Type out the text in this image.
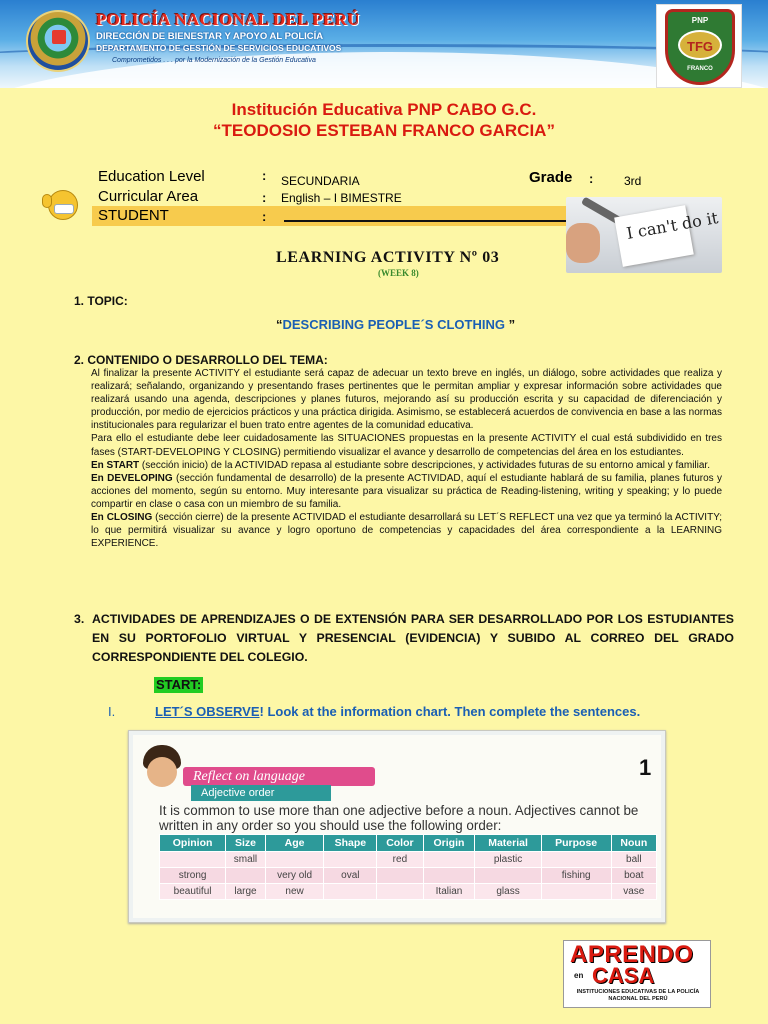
POLICÍA NACIONAL DEL PERÚ
DIRECCIÓN DE BIENESTAR Y APOYO AL POLICÍA
DEPARTAMENTO DE GESTIÓN DE SERVICIOS EDUCATIVOS
Comprometidos . . . por la Modernización de la Gestión Educativa
PNP
TFG
FRANCO
Institución Educativa PNP CABO G.C.
“TEODOSIO ESTEBAN FRANCO GARCIA”
Education Level	: SECUNDARIA	Grade :	3rd
Curricular Area	: English – I BIMESTRE
STUDENT	:	I can't do it
LEARNING ACTIVITY Nº 03
(WEEK 8)
1. TOPIC:
“DESCRIBING PEOPLE´S CLOTHING ”
2. CONTENIDO O DESARROLLO DEL TEMA:
Al finalizar la presente ACTIVITY el estudiante será capaz de adecuar un texto breve en inglés, un diálogo, sobre actividades que realiza y realizará; señalando, organizando y presentando frases pertinentes que le permitan ampliar y expresar información sobre actividades que realizará usando una agenda, descripciones y planes futuros, mejorando así su producción escrita y su capacidad de diferenciación y producción, por medio de ejercicios prácticos y una práctica dirigida. Asimismo, se establecerá acuerdos de convivencia en base a las normas institucionales para regularizar el buen trato entre agentes de la comunidad educativa.
Para ello el estudiante debe leer cuidadosamente las SITUACIONES propuestas en la presente ACTIVITY el cual está subdividido en tres fases (START-DEVELOPING Y CLOSING) permitiendo visualizar el avance y desarrollo de competencias del área en los estudiantes.
En START (sección inicio) de la ACTIVIDAD repasa al estudiante sobre descripciones, y actividades futuras de su entorno amical y familiar.
En DEVELOPING (sección fundamental de desarrollo) de la presente ACTIVIDAD, aquí el estudiante hablará de su familia, planes futuros y acciones del momento, según su entorno. Muy interesante para visualizar su práctica de Reading-listening, writing y speaking; y lo puede compartir en clase o casa con un miembro de su familia.
En CLOSING (sección cierre) de la presente ACTIVIDAD el estudiante desarrollará su LET´S REFLECT una vez que ya terminó la ACTIVITY; lo que permitirá visualizar su avance y logro oportuno de competencias y capacidades del área correspondiente a la LEARNING EXPERIENCE.
3. ACTIVIDADES DE APRENDIZAJES O DE EXTENSIÓN PARA SER DESARROLLADO POR LOS ESTUDIANTES EN SU PORTOFOLIO VIRTUAL Y PRESENCIAL (EVIDENCIA) Y SUBIDO AL CORREO DEL GRADO CORRESPONDIENTE DEL COLEGIO.
START:
I.	LET´S OBSERVE! Look at the information chart. Then complete the sentences.
Reflect on language
Adjective order
1
It is common to use more than one adjective before a noun. Adjectives cannot be written in any order so you should use the following order:
Opinion	Size	Age	Shape	Color	Origin	Material	Purpose	Noun
	small			red		plastic		ball
strong		very old	oval				fishing	boat
beautiful	large	new			Italian	glass		vase
APRENDO
en CASA
INSTITUCIONES EDUCATIVAS DE LA POLICÍA NACIONAL DEL PERÚ
